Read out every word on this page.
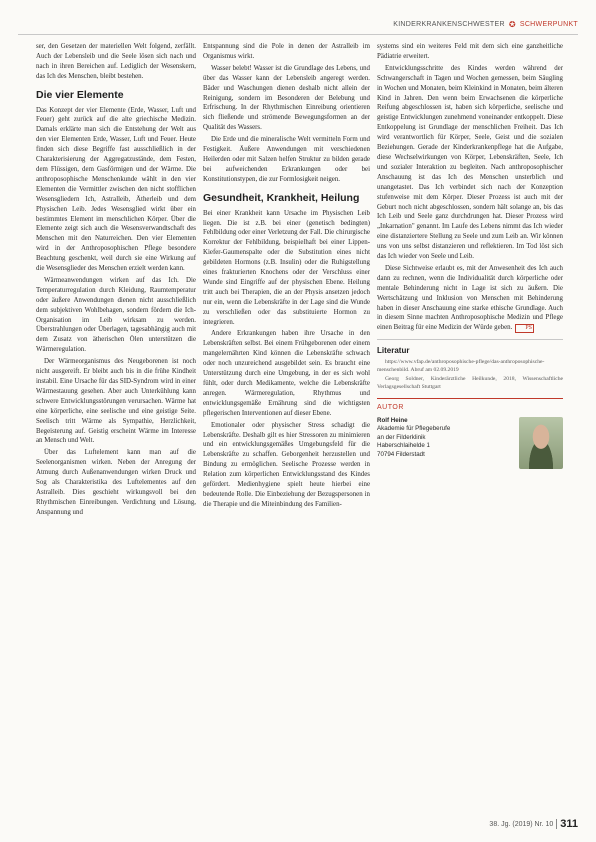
KINDERKRANKENSCHWESTER ✪ SCHWERPUNKT

ser, den Gesetzen der materiellen Welt folgend, zerfällt. Auch der Lebensleib und die Seele lösen sich nach und nach in ihren Bereichen auf. Lediglich der Wesenskern, das Ich des Menschen, bleibt bestehen.

Die vier Elemente

Das Konzept der vier Elemente (Erde, Wasser, Luft und Feuer) geht zurück auf die alte griechische Medizin. Damals erklärte man sich die Entstehung der Welt aus den vier Elementen Erde, Wasser, Luft und Feuer. Heute finden sich diese Begriffe fast ausschließlich in der Charakterisierung der Aggregatzustände, dem Festen, dem Flüssigen, dem Gasförmigen und der Wärme. Die anthroposophische Menschenkunde wählt in den vier Elementen die Vermittler zwischen den nicht stofflichen Wesensgliedern Ich, Astralleib, Ätherleib und dem Physischen Leib. Jedes Wesensglied wirkt über ein bestimmtes Element im menschlichen Körper. Über die Elemente zeigt sich auch die Wesensverwandtschaft des Menschen mit den Naturreichen. Den vier Elementen wird in der Anthroposophischen Pflege besondere Beachtung geschenkt, weil durch sie eine Wirkung auf die Wesensglieder des Menschen erzielt werden kann.

Wärmeanwendungen wirken auf das Ich. Die Temperaturregulation durch Kleidung, Raumtemperatur oder äußere Anwendungen dienen nicht ausschließlich dem subjektiven Wohlbehagen, sondern fördern die Ich-Organisation im Leib wirksam zu werden. Überstrahlungen oder Überlagen, tagesabhängig auch mit dem Zusatz von ätherischen Ölen unterstützen die Wärmeregulation.

Der Wärmeorganismus des Neugeborenen ist noch nicht ausgereift. Er bleibt auch bis in die frühe Kindheit instabil. Eine Ursache für das SID-Syndrom wird in einer Wärmestauung gesehen. Aber auch Unterkühlung kann schwere Entwicklungsstörungen verursachen. Wärme hat eine körperliche, eine seelische und eine geistige Seite. Seelisch tritt Wärme als Sympathie, Herzlichkeit, Begeisterung auf. Geistig erscheint Wärme im Interesse an Mensch und Welt.

Über das Luftelement kann man auf die Seelenorganismen wirken. Neben der Anregung der Atmung durch Außenanwendungen wirken Druck und Sog als Charakteristika des Luftelementes auf den Astralleib. Dies geschieht wirkungsvoll bei den Rhythmischen Einreibungen. Verdichtung und Lösung, Anspannung und

Entspannung sind die Pole in denen der Astralleib im Organismus wirkt.

Wasser belebt! Wasser ist die Grundlage des Lebens, und über das Wasser kann der Lebensleib angeregt werden. Bäder und Waschungen dienen deshalb nicht allein der Reinigung, sondern im Besonderen der Belebung und Erfrischung. In der Rhythmischen Einreibung orientieren sich fließende und strömende Bewegungsformen an der Qualität des Wassers.

Die Erde und die mineralische Welt vermitteln Form und Festigkeit. Äußere Anwendungen mit verschiedenen Heilerden oder mit Salzen helfen Struktur zu bilden gerade bei aufweichenden Erkrankungen oder bei Konstitutionstypen, die zur Formlosigkeit neigen.

Gesundheit, Krankheit, Heilung

Bei einer Krankheit kann Ursache im Physischen Leib liegen. Die ist z.B. bei einer (genetisch bedingten) Fehlbildung oder einer Verletzung der Fall. Die chirurgische Korrektur der Fehlbildung, beispielhaft bei einer Lippen-Kiefer-Gaumenspalte oder die Substitution eines nicht gebildeten Hormons (z.B. Insulin) oder die Ruhigstellung eines frakturierten Knochens oder der Verschluss einer Wunde sind Eingriffe auf der physischen Ebene. Heilung tritt auch bei Therapien, die an der Physis ansetzen jedoch nur ein, wenn die Lebenskräfte in der Lage sind die Wunde zu verschließen oder das substituierte Hormon zu integrieren.

Andere Erkrankungen haben ihre Ursache in den Lebenskräften selbst. Bei einem Frühgeborenen oder einem mangelernährten Kind können die Lebenskräfte schwach oder noch unzureichend ausgebildet sein. Es braucht eine Unterstützung durch eine Umgebung, in der es sich wohl fühlt, oder durch Medikamente, welche die Lebenskräfte anregen. Wärmeregulation, Rhythmus und entwicklungsgemäße Ernährung sind die wichtigsten pflegerischen Interventionen auf dieser Ebene.

Emotionaler oder physischer Stress schadigt die Lebenskräfte. Deshalb gilt es hier Stressoren zu minimieren und ein entwicklungsgemäßes Umgebungsfeld für die Lebenskräfte zu schaffen. Geborgenheit herzustellen und Bindung zu ermöglichen. Seelische Prozesse werden in Relation zum körperlichen Entwicklungsstand des Kindes gefördert. Medienhygiene spielt heute hierbei eine bedeutende Rolle. Die Einbeziehung der Bezugspersonen in die Therapie und die Miteinbindung des Familien-

systems sind ein weiteres Feld mit dem sich eine ganzheitliche Pädiatrie erweitert.

Entwicklungsschritte des Kindes werden während der Schwangerschaft in Tagen und Wochen gemessen, beim Säugling in Wochen und Monaten, beim Kleinkind in Monaten, beim älteren Kind in Jahren. Den wenn beim Erwachsenen die körperliche Reifung abgeschlossen ist, haben sich körperliche, seelische und geistige Entwicklungen zunehmend voneinander entkoppelt. Diese Entkoppelung ist Grundlage der menschlichen Freiheit. Das Ich wird verantwortlich für Körper, Seele, Geist und die sozialen Beziehungen. Gerade der Kinderkrankenpflege hat die Aufgabe, diese Wechselwirkungen von Körper, Lebenskräften, Seele, Ich und sozialer Interaktion zu begleiten. Nach anthroposophischer Anschauung ist das Ich des Menschen unsterblich und unangetastet. Das Ich verbindet sich nach der Konzeption stufenweise mit dem Körper. Dieser Prozess ist auch mit der Geburt noch nicht abgeschlossen, sondern hält solange an, bis das Ich Leib und Seele ganz durchdrungen hat. Dieser Prozess wird „Inkarnation" genannt. Im Laufe des Lebens nimmt das Ich wieder eine distanziertere Stellung zu Seele und zum Leib an. Wir können uns von uns selbst distanzieren und reflektieren. Im Tod löst sich das Ich wieder von Seele und Leib.

Diese Sichtweise erlaubt es, mit der Anwesenheit des Ich auch dann zu rechnen, wenn die Individualität durch körperliche oder mentale Behinderung nicht in Lage ist sich zu äußern. Die Wertschätzung und Inklusion von Menschen mit Behinderung haben in dieser Anschauung eine starke ethische Grundlage. Auch in diesem Sinne machten Anthroposophische Medizin und Pflege einen Beitrag für eine Medizin der Würde geben. PS

Literatur

https://www.vfap.de/anthroposophische-pflege/das-anthroposophische-menschenbild. Abruf am 02.09.2019

Georg Soldner, Kinderärztliche Heilkunde, 2018, Wissenschaftliche Verlagsgesellschaft Stuttgart

AUTOR
Rolf Heine
Akademie für Pflegeberufe
an der Filderklinik
Haberschlaihelde 1
70794 Filderstadt
38. Jg. (2019) Nr. 10 311
